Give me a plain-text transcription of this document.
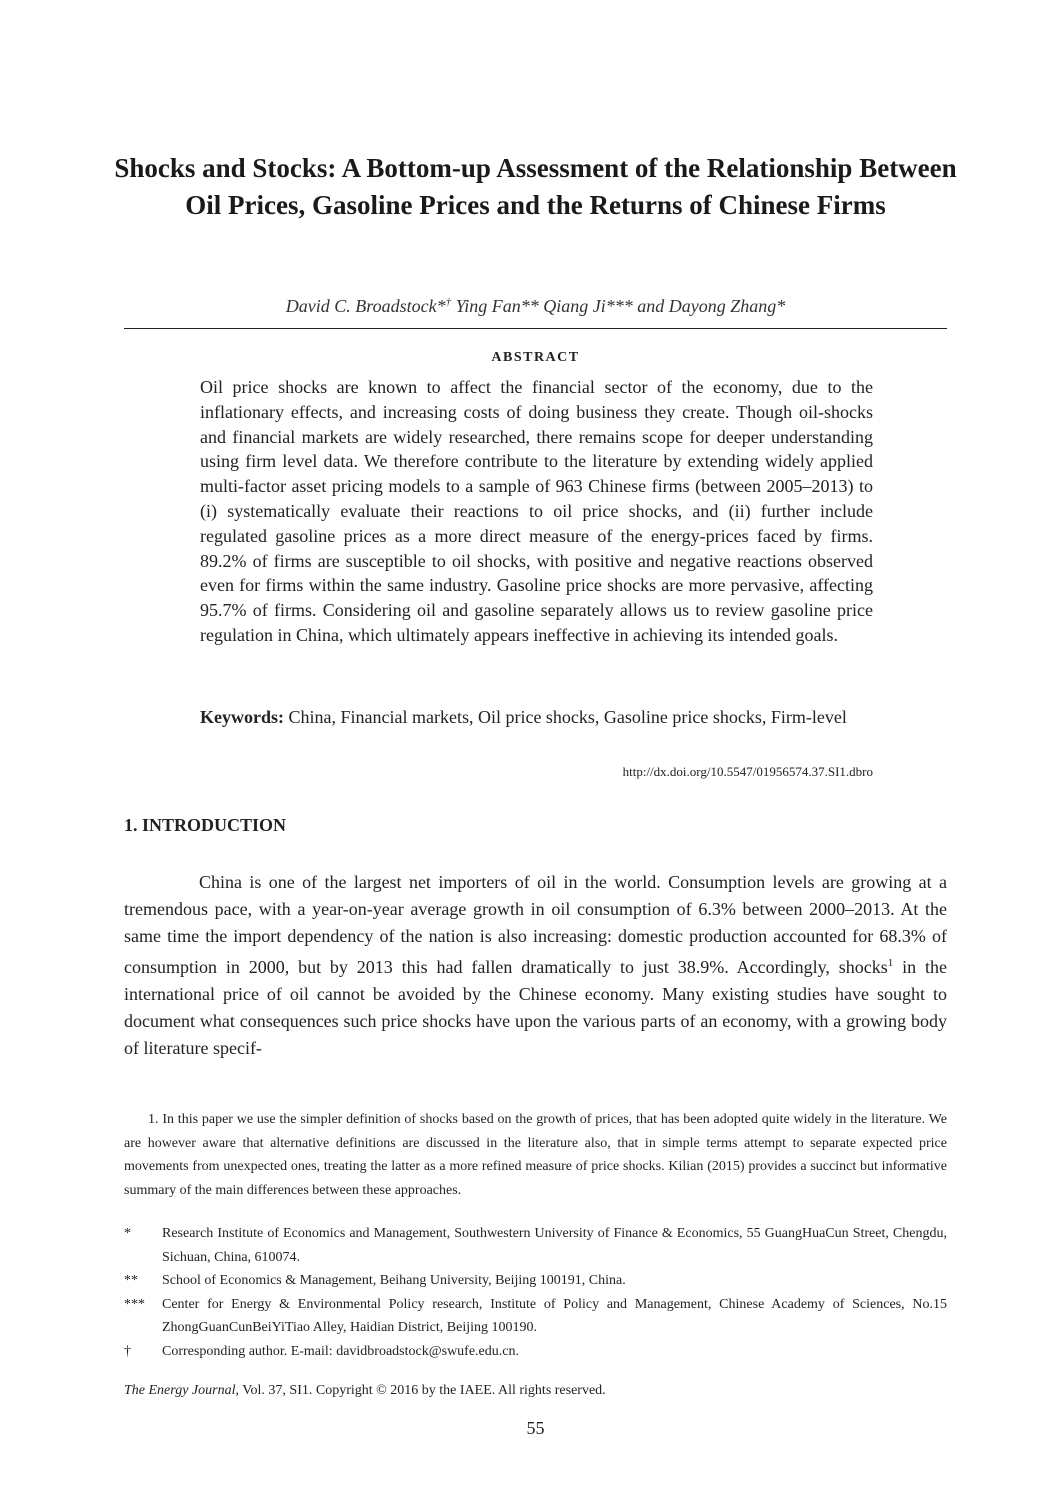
Shocks and Stocks: A Bottom-up Assessment of the Relationship Between Oil Prices, Gasoline Prices and the Returns of Chinese Firms
David C. Broadstock*† Ying Fan** Qiang Ji*** and Dayong Zhang*
ABSTRACT

Oil price shocks are known to affect the financial sector of the economy, due to the inflationary effects, and increasing costs of doing business they create. Though oil-shocks and financial markets are widely researched, there remains scope for deeper understanding using firm level data. We therefore contribute to the literature by extending widely applied multi-factor asset pricing models to a sample of 963 Chinese firms (between 2005–2013) to (i) systematically evaluate their reactions to oil price shocks, and (ii) further include regulated gasoline prices as a more direct measure of the energy-prices faced by firms. 89.2% of firms are susceptible to oil shocks, with positive and negative reactions observed even for firms within the same industry. Gasoline price shocks are more pervasive, affecting 95.7% of firms. Considering oil and gasoline separately allows us to review gasoline price regulation in China, which ultimately appears ineffective in achieving its intended goals.

Keywords: China, Financial markets, Oil price shocks, Gasoline price shocks, Firm-level

http://dx.doi.org/10.5547/01956574.37.SI1.dbro
1. INTRODUCTION

China is one of the largest net importers of oil in the world. Consumption levels are growing at a tremendous pace, with a year-on-year average growth in oil consumption of 6.3% between 2000–2013. At the same time the import dependency of the nation is also increasing: domestic production accounted for 68.3% of consumption in 2000, but by 2013 this had fallen dramatically to just 38.9%. Accordingly, shocks$^1$ in the international price of oil cannot be avoided by the Chinese economy. Many existing studies have sought to document what consequences such price shocks have upon the various parts of an economy, with a growing body of literature specif-

1. In this paper we use the simpler definition of shocks based on the growth of prices, that has been adopted quite widely in the literature. We are however aware that alternative definitions are discussed in the literature also, that in simple terms attempt to separate expected price movements from unexpected ones, treating the latter as a more refined measure of price shocks. Kilian (2015) provides a succinct but informative summary of the main differences between these approaches.

*	Research Institute of Economics and Management, Southwestern University of Finance & Economics, 55 GuangHuaCun Street, Chengdu, Sichuan, China, 610074.
**	School of Economics & Management, Beihang University, Beijing 100191, China.
***	Center for Energy & Environmental Policy research, Institute of Policy and Management, Chinese Academy of Sciences, No.15 ZhongGuanCunBeiYiTiao Alley, Haidian District, Beijing 100190.
†	Corresponding author. E-mail: davidbroadstock@swufe.edu.cn.
The Energy Journal, Vol. 37, SI1. Copyright © 2016 by the IAEE. All rights reserved.
55
